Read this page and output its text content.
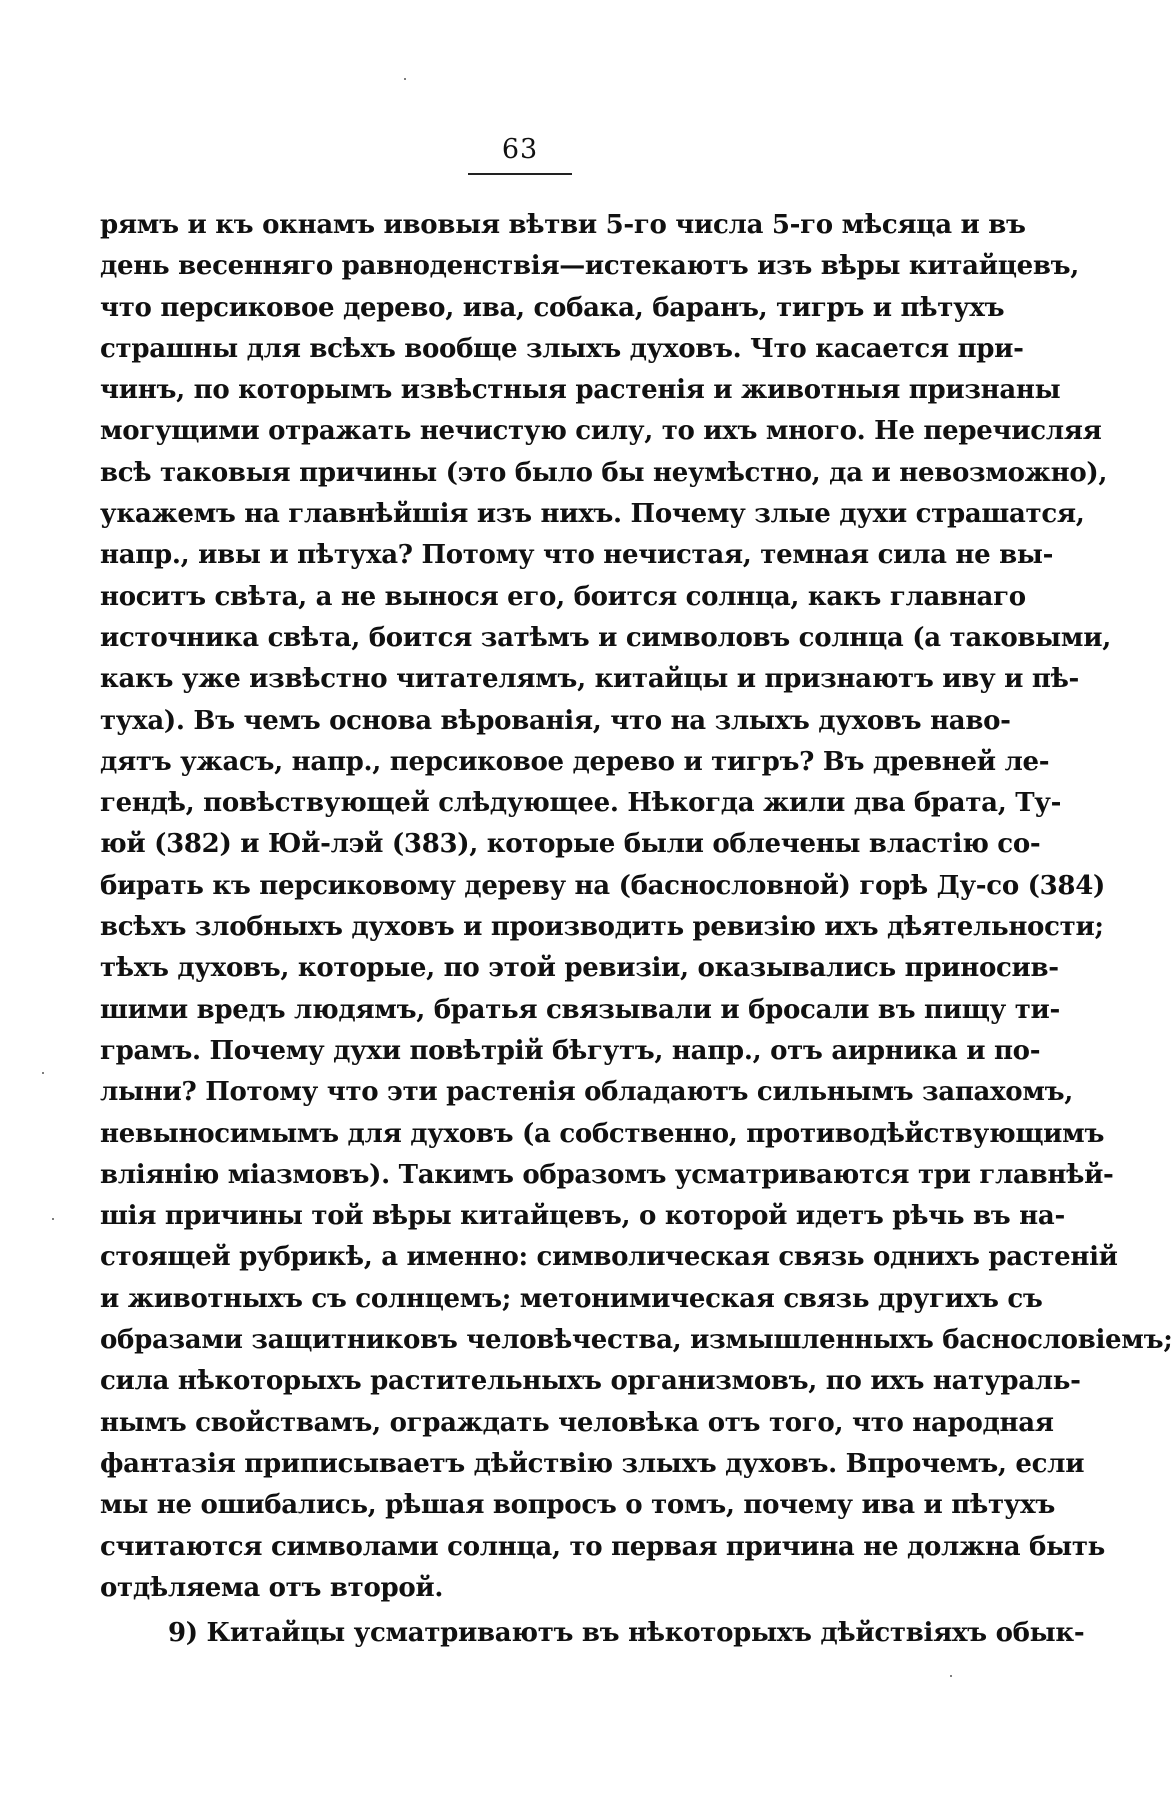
63
рямъ и къ окнамъ ивовыя вѣтви 5-го числа 5-го мѣсяца и въ
день весенняго равноденствія—истекаютъ изъ вѣры китайцевъ,
что персиковое дерево, ива, собака, баранъ, тигръ и пѣтухъ
страшны для всѣхъ вообще злыхъ духовъ. Что касается при-
чинъ, по которымъ извѣстныя растенія и животныя признаны
могущими отражать нечистую силу, то ихъ много. Не перечисляя
всѣ таковыя причины (это было бы неумѣстно, да и невозможно),
укажемъ на главнѣйшія изъ нихъ. Почему злые духи страшатся,
напр., ивы и пѣтуха? Потому что нечистая, темная сила не вы-
носитъ свѣта, а не вынося его, боится солнца, какъ главнаго
источника свѣта, боится затѣмъ и символовъ солнца (а таковыми,
какъ уже извѣстно читателямъ, китайцы и признаютъ иву и пѣ-
туха). Въ чемъ основа вѣрованія, что на злыхъ духовъ наво-
дятъ ужасъ, напр., персиковое дерево и тигръ? Въ древней ле-
гендѣ, повѣствующей слѣдующее. Нѣкогда жили два брата, Ту-
юй (382) и Юй-лэй (383), которые были облечены властію со-
бирать къ персиковому дереву на (баснословной) горѣ Ду-со (384)
всѣхъ злобныхъ духовъ и производить ревизію ихъ дѣятельности;
тѣхъ духовъ, которые, по этой ревизіи, оказывались приносив-
шими вредъ людямъ, братья связывали и бросали въ пищу ти-
грамъ. Почему духи повѣтрій бѣгутъ, напр., отъ аирника и по-
лыни? Потому что эти растенія обладаютъ сильнымъ запахомъ,
невыносимымъ для духовъ (а собственно, противодѣйствующимъ
вліянію міазмовъ). Такимъ образомъ усматриваются три главнѣй-
шія причины той вѣры китайцевъ, о которой идетъ рѣчь въ на-
стоящей рубрикѣ, а именно: символическая связь однихъ растеній
и животныхъ съ солнцемъ; метонимическая связь другихъ съ
образами защитниковъ человѣчества, измышленныхъ баснословіемъ;
сила нѣкоторыхъ растительныхъ организмовъ, по ихъ натураль-
нымъ свойствамъ, ограждать человѣка отъ того, что народная
фантазія приписываетъ дѣйствію злыхъ духовъ. Впрочемъ, если
мы не ошибались, рѣшая вопросъ о томъ, почему ива и пѣтухъ
считаются символами солнца, то первая причина не должна быть
отдѣляема отъ второй.
9) Китайцы усматриваютъ въ нѣкоторыхъ дѣйствіяхъ обык-
